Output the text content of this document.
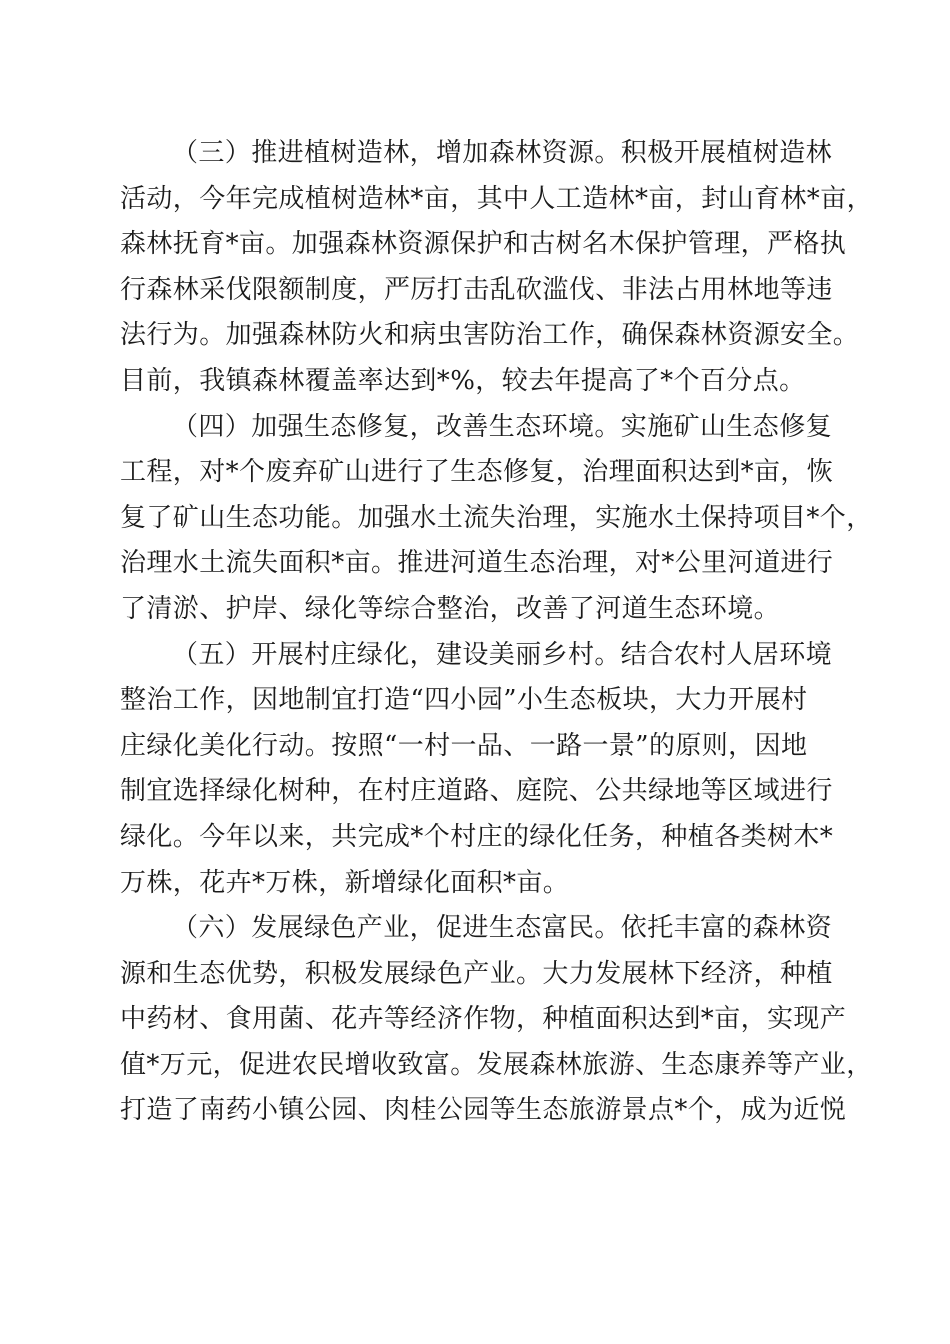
（三）推进植树造林，增加森林资源。积极开展植树造林
活动，今年完成植树造林*亩，其中人工造林*亩，封山育林*亩，
森林抚育*亩。加强森林资源保护和古树名木保护管理，严格执
行森林采伐限额制度，严厉打击乱砍滥伐、非法占用林地等违
法行为。加强森林防火和病虫害防治工作，确保森林资源安全。
目前，我镇森林覆盖率达到*%，较去年提高了*个百分点。
（四）加强生态修复，改善生态环境。实施矿山生态修复
工程，对*个废弃矿山进行了生态修复，治理面积达到*亩，恢
复了矿山生态功能。加强水土流失治理，实施水土保持项目*个，
治理水土流失面积*亩。推进河道生态治理，对*公里河道进行
了清淤、护岸、绿化等综合整治，改善了河道生态环境。
（五）开展村庄绿化，建设美丽乡村。结合农村人居环境
整治工作，因地制宜打造“四小园”小生态板块，大力开展村
庄绿化美化行动。按照“一村一品、一路一景”的原则，因地
制宜选择绿化树种，在村庄道路、庭院、公共绿地等区域进行
绿化。今年以来，共完成*个村庄的绿化任务，种植各类树木*
万株，花卉*万株，新增绿化面积*亩。
（六）发展绿色产业，促进生态富民。依托丰富的森林资
源和生态优势，积极发展绿色产业。大力发展林下经济，种植
中药材、食用菌、花卉等经济作物，种植面积达到*亩，实现产
值*万元，促进农民增收致富。发展森林旅游、生态康养等产业，
打造了南药小镇公园、肉桂公园等生态旅游景点*个，成为近悦
